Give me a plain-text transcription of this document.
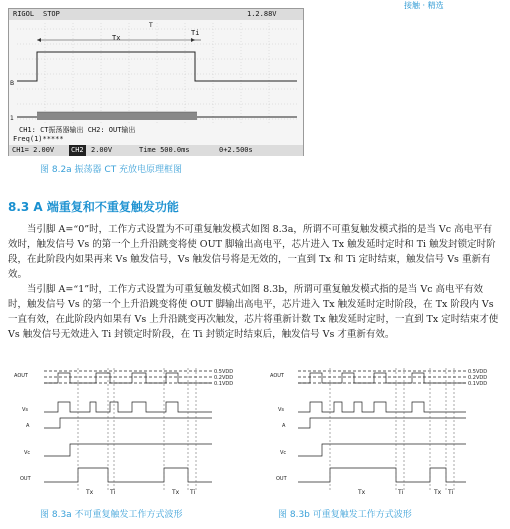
接触 · 精选
RIGOL STOP	1.2.88V
B
1
T
Tx
Ti
CH1: CT振荡器输出 CH2: OUT输出
Freq(1)*****
CH1= 2.00V CH2 2.00V	Time 500.0ms	0+2.500s
图 8.2a 振荡器 CT 充放电原理框图
8.3 A 端重复和不重复触发功能

当引脚 A=“0”时，工作方式设置为不可重复触发模式如图 8.3a，所谓不可重复触发模式指的是当 Vc 高电平有效时，触发信号 Vs 的第一个上升沿跳变将使 OUT 脚输出高电平，芯片进入 Tx 触发延时定时和 Ti 触发封锁定时阶段，在此阶段内如果再来 Vs 触发信号，Vs 触发信号将是无效的，一直到 Tx 和 Ti 定时结束，触发信号 Vs 重新有效。

当引脚 A=“1”时，工作方式设置为可重复触发模式如图 8.3b，所谓可重复触发模式指的是当 Vc 高电平有效时，触发信号 Vs 的第一个上升沿跳变将使 OUT 脚输出高电平，芯片进入 Tx 触发延时定时阶段，在 Tx 阶段内 Vs 一直有效，在此阶段内如果有 Vs 上升沿跳变再次触发，芯片将重新计数 Tx 触发延时定时，一直到 Tx 定时结束才使 Vs 触发信号无效进入 Ti 封锁定时阶段，在 Ti 封锁定时结束后，触发信号 Vs 才重新有效。

AOUT
Vs
A
Vc
OUT
0.5VDD
0.2VDD
0.1VDD
Tx	Ti	Tx Ti
AOUT
Vs
A
Vc
OUT
0.5VDD
0.2VDD
0.1VDD
Tx	Ti	Tx Ti
图 8.3a 不可重复触发工作方式波形	图 8.3b 可重复触发工作方式波形
